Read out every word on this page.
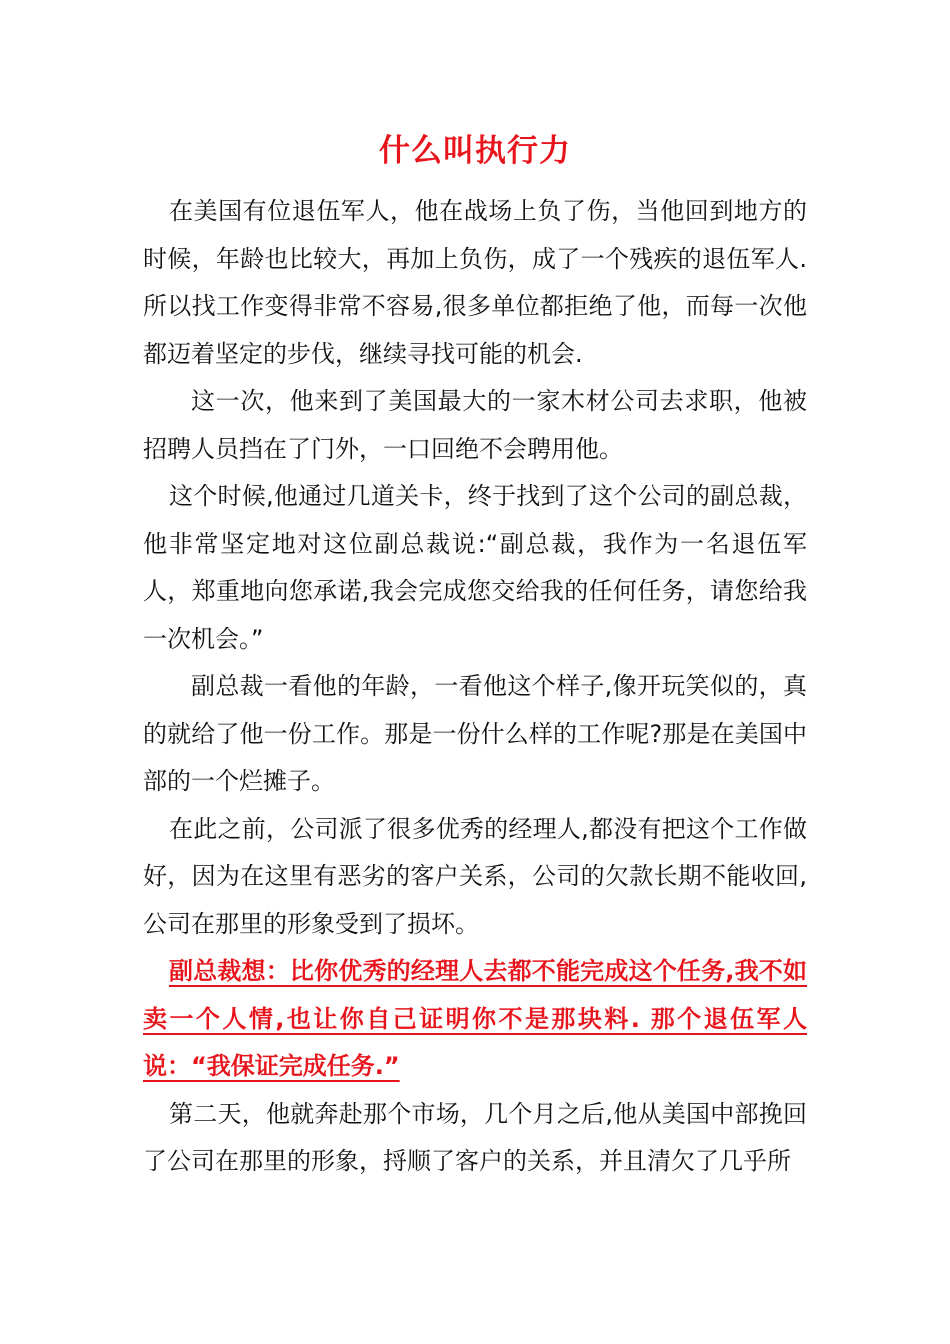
什么叫执行力

在美国有位退伍军人，他在战场上负了伤，当他回到地方的时候，年龄也比较大，再加上负伤，成了一个残疾的退伍军人.所以找工作变得非常不容易,很多单位都拒绝了他，而每一次他都迈着坚定的步伐，继续寻找可能的机会.

这一次，他来到了美国最大的一家木材公司去求职，他被招聘人员挡在了门外，一口回绝不会聘用他。

这个时候,他通过几道关卡，终于找到了这个公司的副总裁，他非常坚定地对这位副总裁说:“副总裁，我作为一名退伍军人，郑重地向您承诺,我会完成您交给我的任何任务，请您给我一次机会。”

副总裁一看他的年龄，一看他这个样子,像开玩笑似的，真的就给了他一份工作。那是一份什么样的工作呢?那是在美国中部的一个烂摊子。

在此之前，公司派了很多优秀的经理人,都没有把这个工作做好，因为在这里有恶劣的客户关系，公司的欠款长期不能收回,公司在那里的形象受到了损坏。

副总裁想：比你优秀的经理人去都不能完成这个任务,我不如卖一个人情,也让你自己证明你不是那块料. 那个退伍军人说：“我保证完成任务.”

第二天，他就奔赴那个市场，几个月之后,他从美国中部挽回了公司在那里的形象，捋顺了客户的关系，并且清欠了几乎所
